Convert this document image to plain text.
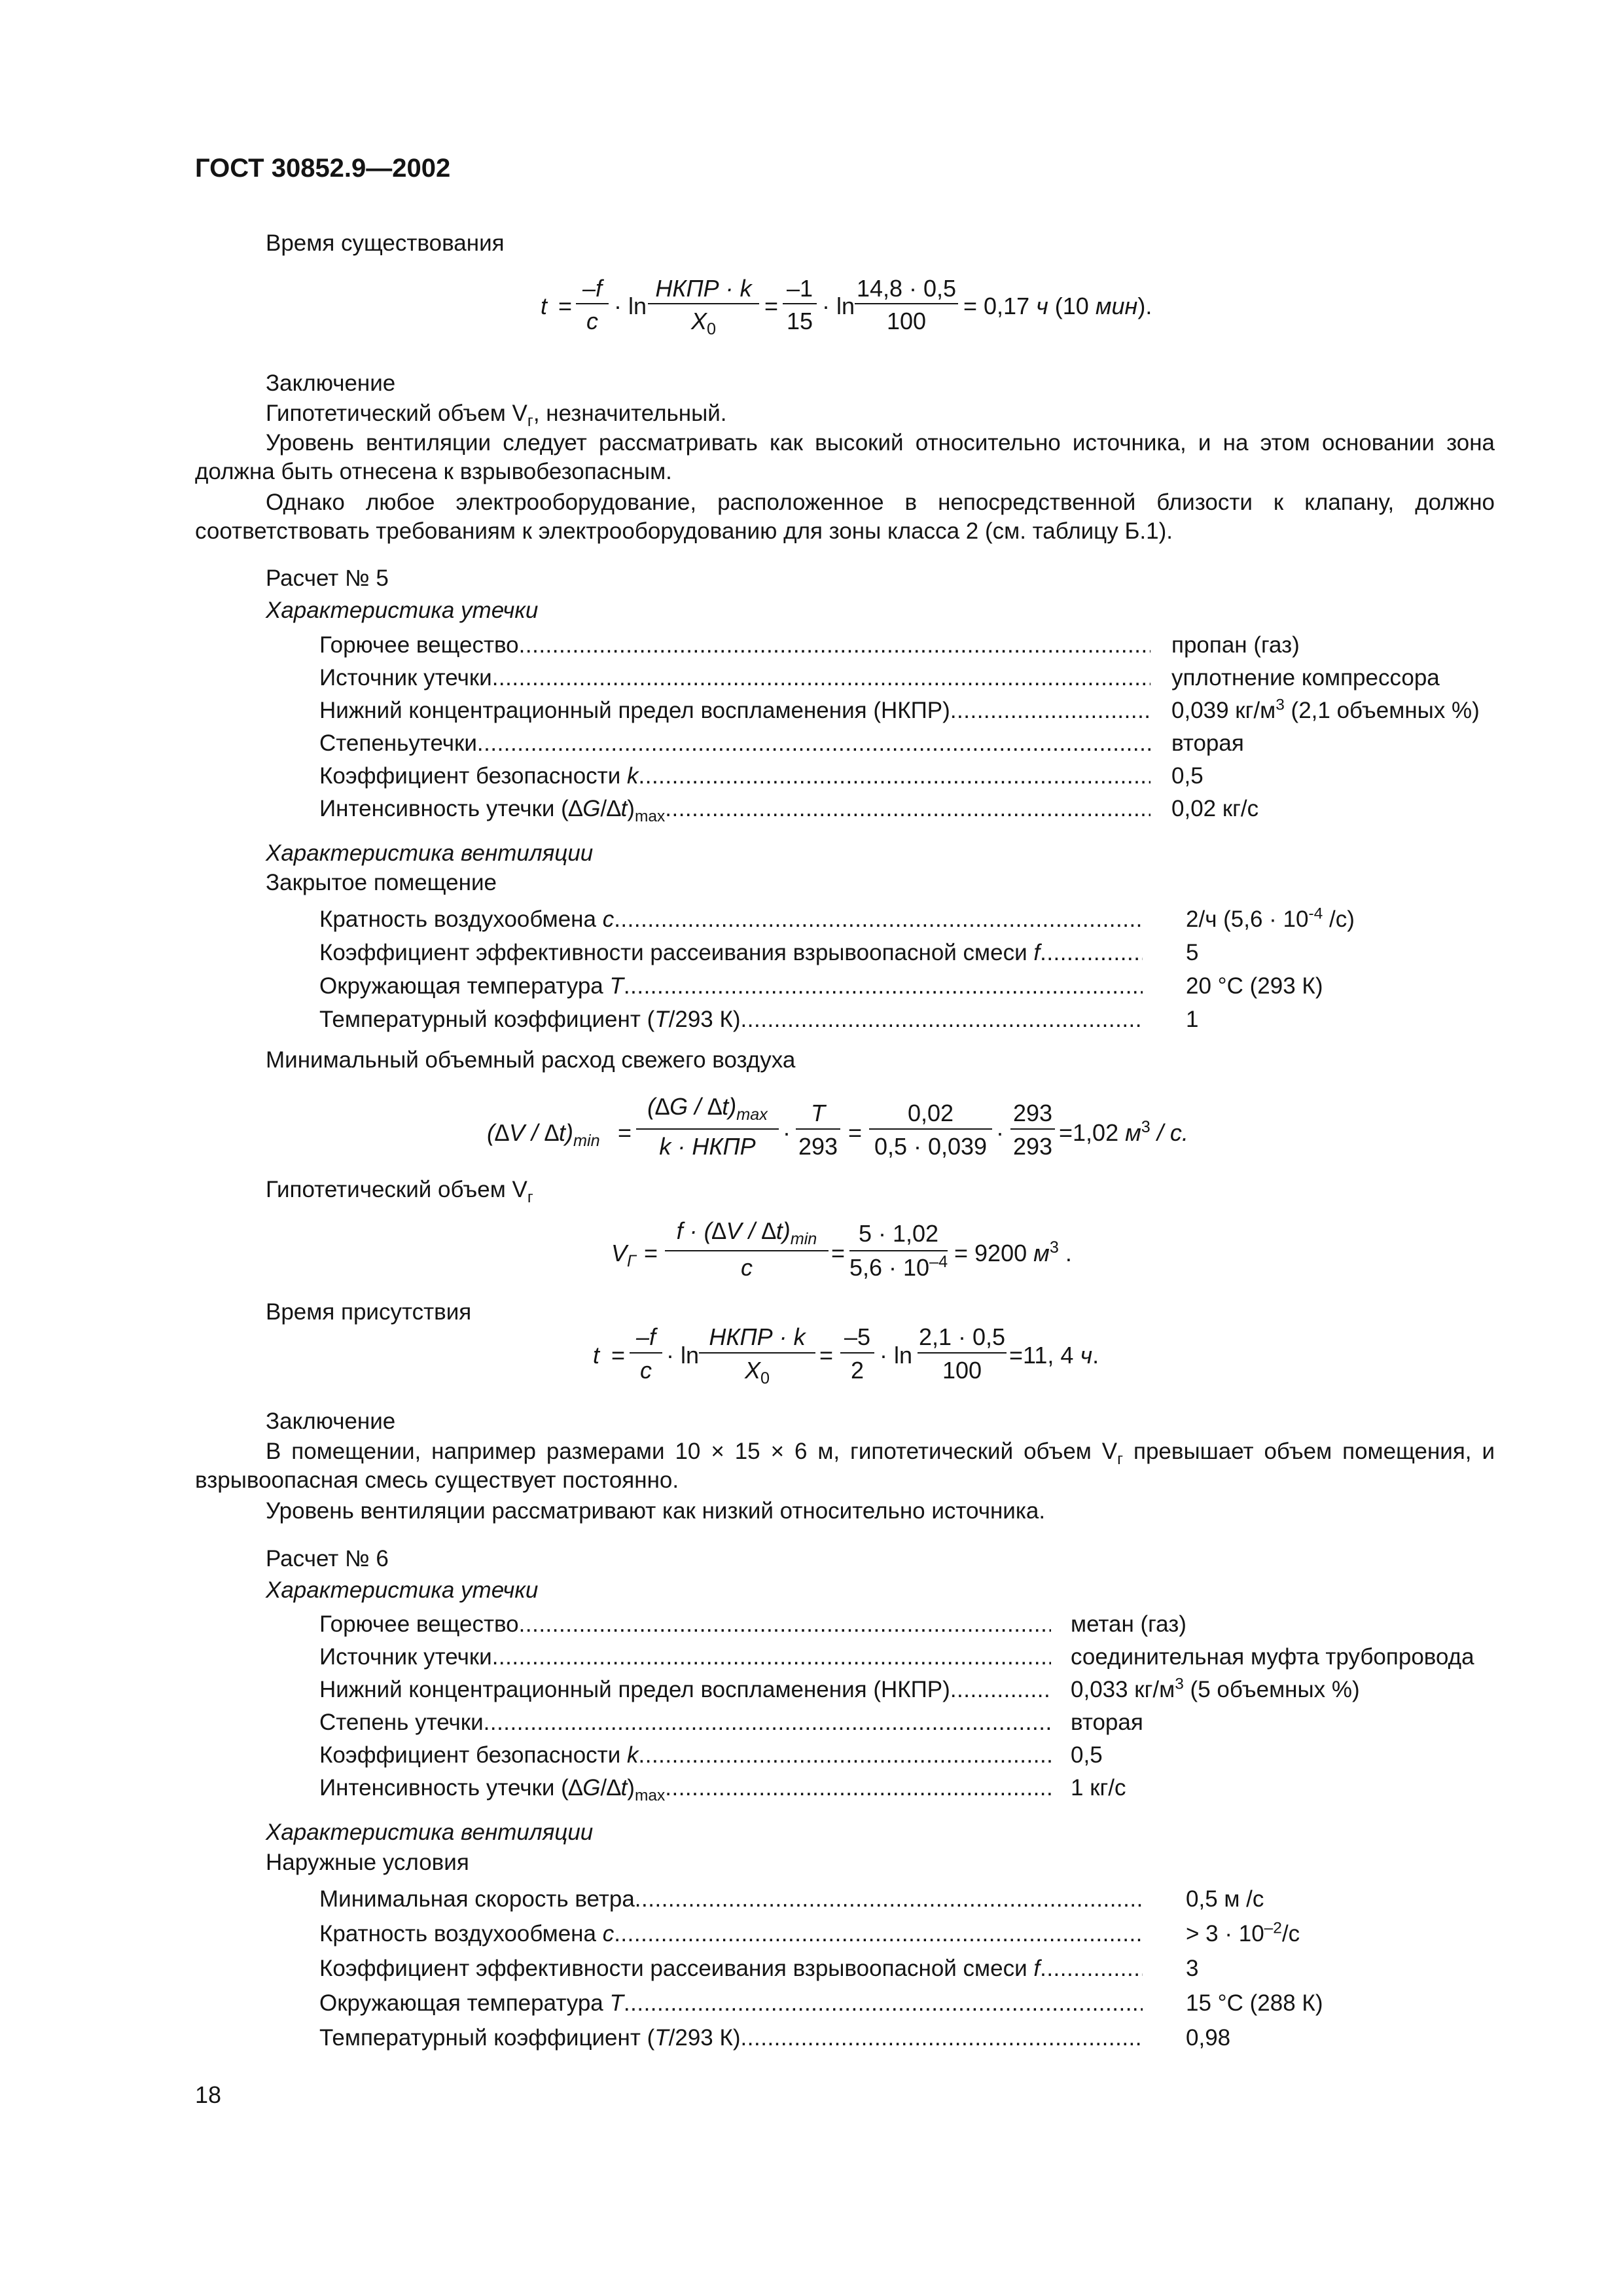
ГОСТ 30852.9—2002
Время существования
t =
–f
c
· ln
НКПР · k
$X_0$
=
–1
15
· ln
14,8 · 0,5
100
= 0,17 ч (10 мин).
Заключение
Гипотетический объем $V_г$, незначительный.
Уровень вентиляции следует рассматривать как высокий относительно источника, и на этом основании зона должна быть отнесена к взрывобезопасным.
Однако любое электрооборудование, расположенное в непосредственной близости к клапану, должно соответствовать требованиям к электрооборудованию для зоны класса 2 (см. таблицу Б.1).
Расчет № 5
Характеристика утечки
Горючее вещество .....	пропан (газ)
Источник утечки .....	уплотнение компрессора
Нижний концентрационный предел воспламенения (НКПР) .....	0,039 $кг/м^3$ (2,1 объемных %)
Степеньутечки .....	вторая
Коэффициент безопасности k .....	0,5
Интенсивность утечки $(\Delta G/\Delta t)_{max}$ .....	0,02 кг/с
Характеристика вентиляции
Закрытое помещение
Кратность воздухообмена c .....	2/ч ($5,6 \cdot 10^{-4}$ /с)
Коэффициент эффективности рассеивания взрывоопасной смеси f .....	5
Окружающая температура T .....	20 °С (293 К)
Температурный коэффициент (T/293 К) .....	1
Минимальный объемный расход свежего воздуха
$(\Delta V / \Delta t)_{min}$ =
$(\Delta G / \Delta t)_{max}$
k · НКПР
·
T
293
=
0,02
0,5 · 0,039
·
293
293
=1,02 $м^3$ / с.
Гипотетический объем $V_г$
$V_Г$ =
$f \cdot (\Delta V / \Delta t)_{min}$
c
=
5 · 1,02
$5,6 \cdot 10^{-4} = 9200$ $м^3$ .
Время присутствия
t =
–f
c
· ln
НКПР · k
$X_0$
=
–5
2
· ln
2,1 · 0,5
100
=11, 4 ч.
Заключение
В помещении, например размерами 10 × 15 × 6 м, гипотетический объем $V_г$ превышает объем помещения, и взрывоопасная смесь существует постоянно.
Уровень вентиляции рассматривают как низкий относительно источника.
Расчет № 6
Характеристика утечки
Горючее вещество .....	метан (газ)
Источник утечки .....	соединительная муфта трубопровода
Нижний концентрационный предел воспламенения (НКПР) .....	0,033 $кг/м^3$ (5 объемных %)
Степень утечки .....	вторая
Коэффициент безопасности k .....	0,5
Интенсивность утечки $(\Delta G/\Delta t)_{max}$ .....	1 кг/с
Характеристика вентиляции
Наружные условия
Минимальная скорость ветра .....	0,5 м /с
Кратность воздухообмена c .....	> $3 \cdot 10^{-2}/с$
Коэффициент эффективности рассеивания взрывоопасной смеси f .....	3
Окружающая температура T .....	15 °С (288 К)
Температурный коэффициент (T/293 К) .....	0,98
18
